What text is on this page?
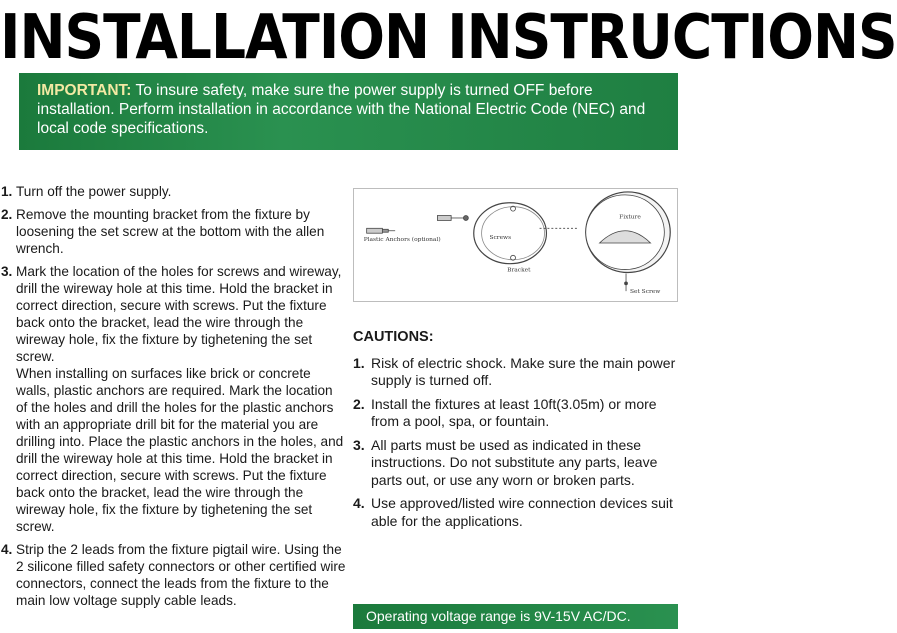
INSTALLATION INSTRUCTIONS
IMPORTANT: To insure safety, make sure the power supply is turned OFF before installation. Perform installation in accordance with the National Electric Code (NEC) and local code specifications.
1. Turn off the power supply.
2. Remove the mounting bracket from the fixture by loosening the set screw at the bottom with the allen wrench.
3. Mark the location of the holes for screws and wireway, drill the wireway hole at this time. Hold the bracket in correct direction, secure with screws. Put the fixture back onto the bracket, lead the wire through the wireway hole, fix the fixture by tighetening the set screw.
When installing on surfaces like brick or concrete walls, plastic anchors are required. Mark the location of the holes and drill the holes for the plastic anchors with an appropriate drill bit for the material you are drilling into. Place the plastic anchors in the holes, and drill the wireway hole at this time. Hold the bracket in correct direction, secure with screws. Put the fixture back onto the bracket, lead the wire through the wireway hole, fix the fixture by tighetening the set screw.
4. Strip the 2 leads from the fixture pigtail wire. Using the 2 silicone filled safety connectors or other certified wire connectors, connect the leads from the fixture to the main low voltage supply cable leads.
Plastic Anchors (optional)	Screws
Bracket
Fixture
Set Screw
CAUTIONS:
1. Risk of electric shock. Make sure the main power supply is turned off.
2. Install the fixtures at least 10ft(3.05m) or more from a pool, spa, or fountain.
3. All parts must be used as indicated in these instructions. Do not substitute any parts, leave parts out, or use any worn or broken parts.
4. Use approved/listed wire connection devices suit able for the applications.
Operating voltage range is 9V-15V AC/DC.
